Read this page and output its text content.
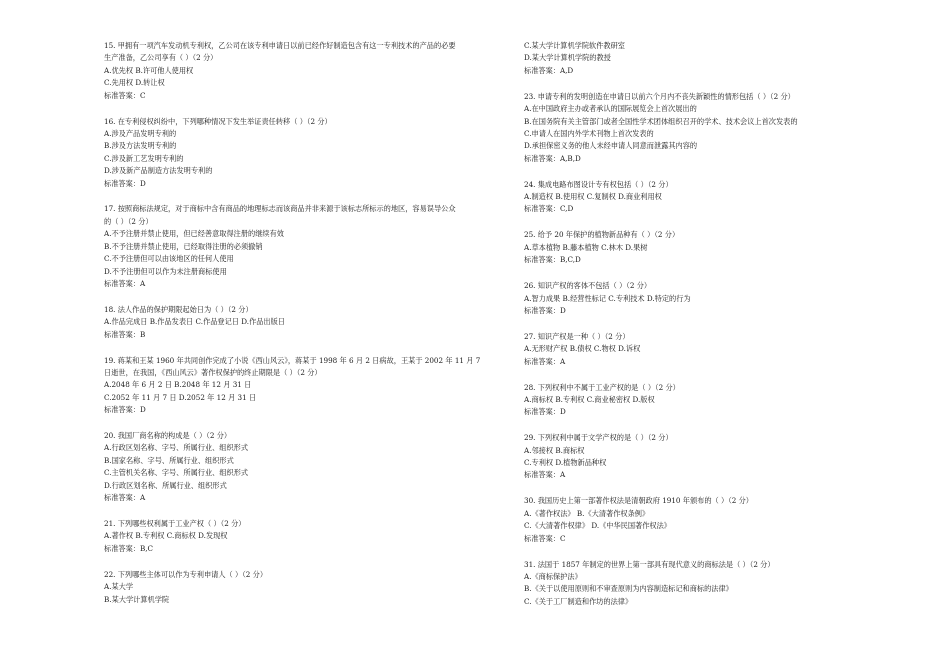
15. 甲拥有一项汽车发动机专利权，乙公司在该专利申请日以前已经作好制造包含有这一专利技术的产品的必要
生产准备，乙公司享有（ ）（2 分）
A.优先权 B.许可他人使用权
C.先用权 D.转让权
标准答案：C
16. 在专利侵权纠纷中，下列哪种情况下发生举证责任转移（ ）（2 分）
A.涉及产品发明专利的
B.涉及方法发明专利的
C.涉及新工艺发明专利的
D.涉及新产品制造方法发明专利的
标准答案：D
17. 按照商标法规定，对于商标中含有商品的地理标志而该商品并非来源于该标志所标示的地区，容易误导公众
的（ ）（2 分）
A.不予注册并禁止使用，但已经善意取得注册的继续有效
B.不予注册并禁止使用，已经取得注册的必须撤销
C.不予注册但可以由该地区的任何人使用
D.不予注册但可以作为未注册商标使用
标准答案：A
18. 法人作品的保护期限起始日为（ ）（2 分）
A.作品完成日 B.作品发表日 C.作品登记日 D.作品出版日
标准答案：B
19. 蒋某和王某 1960 年共同创作完成了小说《西山风云》，蒋某于 1998 年 6 月 2 日病故，王某于 2002 年 11 月 7
日逝世，在我国，《西山风云》著作权保护的终止期限是（ ）（2 分）
A.2048 年 6 月 2 日 B.2048 年 12 月 31 日
C.2052 年 11 月 7 日 D.2052 年 12 月 31 日
标准答案：D
20. 我国厂商名称的构成是（ ）（2 分）
A.行政区划名称、字号、所属行业、组织形式
B.国家名称、字号、所属行业、组织形式
C.主管机关名称、字号、所属行业、组织形式
D.行政区划名称、所属行业、组织形式
标准答案：A
21. 下列哪些权利属于工业产权（ ）（2 分）
A.著作权 B.专利权 C.商标权 D.发现权
标准答案：B,C
22. 下列哪些主体可以作为专利申请人（ ）（2 分）
A.某大学
B.某大学计算机学院
C.某大学计算机学院软件教研室
D.某大学计算机学院的教授
标准答案：A,D
23. 申请专利的发明创造在申请日以前六个月内不丧失新颖性的情形包括（ ）（2 分）
A.在中国政府主办或者承认的国际展览会上首次展出的
B.在国务院有关主管部门或者全国性学术团体组织召开的学术、技术会议上首次发表的
C.申请人在国内外学术刊物上首次发表的
D.承担保密义务的他人未经申请人同意而泄露其内容的
标准答案：A,B,D
24. 集成电路布图设计专有权包括（ ）（2 分）
A.制造权 B.使用权 C.复制权 D.商业利用权
标准答案：C,D
25. 给予 20 年保护的植物新品种有（ ）（2 分）
A.草本植物 B.藤本植物 C.林木 D.果树
标准答案：B,C,D
26. 知识产权的客体不包括（ ）（2 分）
A.智力成果 B.经营性标记 C.专利技术 D.特定的行为
标准答案：D
27. 知识产权是一种（ ）（2 分）
A.无形财产权 B.债权 C.物权 D.诉权
标准答案：A
28. 下列权利中不属于工业产权的是（ ）（2 分）
A.商标权 B.专利权 C.商业秘密权 D.版权
标准答案：D
29. 下列权利中属于文学产权的是（ ）（2 分）
A.邻接权 B.商标权
C.专利权 D.植物新品种权
标准答案：A
30. 我国历史上第一部著作权法是清朝政府 1910 年颁布的（ ）（2 分）
A.《著作权法》 B.《大清著作权条例》
C.《大清著作权律》 D.《中华民国著作权法》
标准答案：C
31. 法国于 1857 年制定的世界上第一部具有现代意义的商标法是（ ）（2 分）
A.《商标保护法》
B.《关于以使用原则和不审查原则为内容制造标记和商标的法律》
C.《关于工厂制造和作坊的法律》
